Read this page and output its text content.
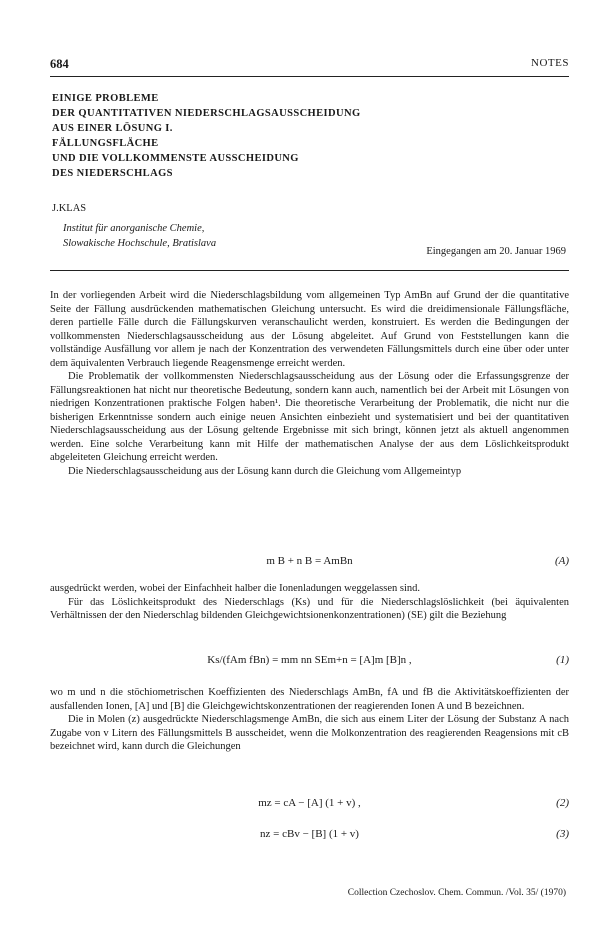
684	NOTES
EINIGE PROBLEME
DER QUANTITATIVEN NIEDERSCHLAGSAUSSCHEIDUNG
AUS EINER LÖSUNG I.
FÄLLUNGSFLÄCHE
UND DIE VOLLKOMMENSTE AUSSCHEIDUNG
DES NIEDERSCHLAGS
J.KLAS
Institut für anorganische Chemie,
Slowakische Hochschule, Bratislava
Eingegangen am 20. Januar 1969

In der vorliegenden Arbeit wird die Niederschlagsbildung vom allgemeinen Typ AmBn auf Grund der die quantitative Seite der Fällung ausdrückenden mathematischen Gleichung untersucht. Es wird die dreidimensionale Fällungsfläche, deren partielle Fälle durch die Fällungskurven veranschaulicht werden, konstruiert. Es werden die Bedingungen der vollkommensten Niederschlagsausscheidung aus der Lösung abgeleitet. Auf Grund von Feststellungen kann die vollständige Ausfällung vor allem je nach der Konzentration des verwendeten Fällungsmittels durch eine über oder unter dem äquivalenten Verbrauch liegende Reagensmenge erreicht werden.

Die Problematik der vollkommensten Niederschlagsausscheidung aus der Lösung oder die Erfassungsgrenze der Fällungsreaktionen hat nicht nur theoretische Bedeutung, sondern kann auch, namentlich bei der Arbeit mit Lösungen von niedrigen Konzentrationen praktische Folgen haben¹. Die theoretische Verarbeitung der Problematik, die nicht nur die bisherigen Erkenntnisse sondern auch einige neuen Ansichten einbezieht und systematisiert und bei der quantitativen Niederschlagsausscheidung aus der Lösung geltende Ergebnisse mit sich bringt, können jetzt als aktuell angenommen werden. Eine solche Verarbeitung kann mit Hilfe der mathematischen Analyse der aus dem Löslichkeitsprodukt abgeleiteten Gleichung erreicht werden.

Die Niederschlagsausscheidung aus der Lösung kann durch die Gleichung vom Allgemeintyp

m B + n B = AmBn	(A)

ausgedrückt werden, wobei der Einfachheit halber die Ionenladungen weggelassen sind.

Für das Löslichkeitsprodukt des Niederschlags (Ks) und für die Niederschlagslöslichkeit (bei äquivalenten Verhältnissen der den Niederschlag bildenden Gleichgewichtsionenkonzentrationen) (SE) gilt die Beziehung

Ks/(fAm fBn) = mm nn SEm+n = [A]m [B]n ,	(1)

wo m und n die stöchiometrischen Koeffizienten des Niederschlags AmBn, fA und fB die Aktivitätskoeffizienten der ausfallenden Ionen, [A] und [B] die Gleichgewichtskonzentrationen der reagierenden Ionen A und B bezeichnen.

Die in Molen (z) ausgedrückte Niederschlagsmenge AmBn, die sich aus einem Liter der Lösung der Substanz A nach Zugabe von v Litern des Fällungsmittels B ausscheidet, wenn die Molkonzentration des reagierenden Reagensions mit cB bezeichnet wird, kann durch die Gleichungen

mz = cA − [A] (1 + v) ,	(2)
nz = cBv − [B] (1 + v)	(3)
Collection Czechoslov. Chem. Commun. /Vol. 35/ (1970)
